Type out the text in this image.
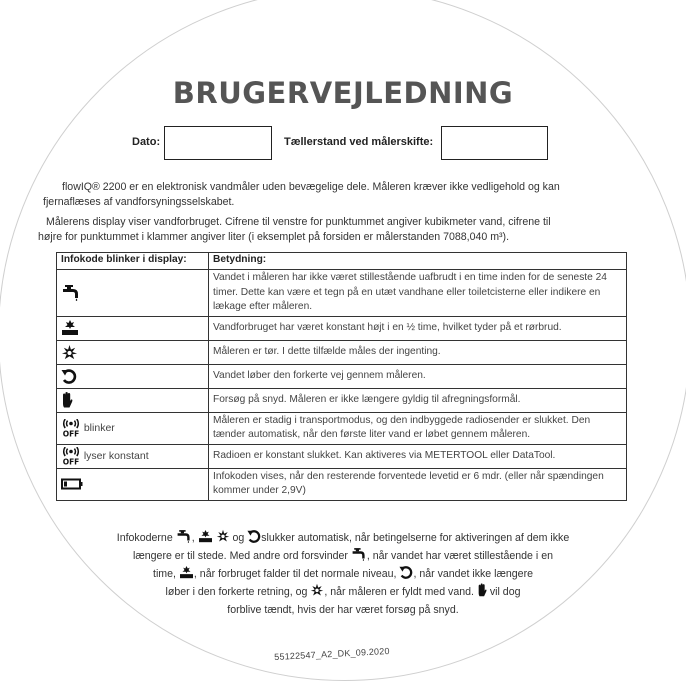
BRUGERVEJLEDNING
Dato:	Tællerstand ved målerskifte:
flowIQ® 2200 er en elektronisk vandmåler uden bevægelige dele. Måleren kræver ikke vedligehold og kan
fjernaflæses af vandforsyningsselskabet.
Målerens display viser vandforbruget. Cifrene til venstre for punktummet angiver kubikmeter vand, cifrene til
højre for punktummet i klammer angiver liter (i eksemplet på forsiden er målerstanden 7088,040 m³).
Infokode blinker i display:	Betydning:
	Vandet i måleren har ikke været stillestående uafbrudt i en time inden for de seneste 24 timer. Dette kan være et tegn på en utæt vandhane eller toiletcisterne eller indikere en lækage efter måleren.
	Vandforbruget har været konstant højt i en ½ time, hvilket tyder på et rørbrud.
	Måleren er tør. I dette tilfælde måles der ingenting.
	Vandet løber den forkerte vej gennem måleren.
	Forsøg på snyd. Måleren er ikke længere gyldig til afregningsformål.
blinker	Måleren er stadig i transportmodus, og den indbyggede radiosender er slukket. Den tænder automatisk, når den første liter vand er løbet gennem måleren.
lyser konstant	Radioen er konstant slukket. Kan aktiveres via METERTOOL eller DataTool.
	Infokoden vises, når den resterende forventede levetid er 6 mdr. (eller når spændingen kommer under 2,9V)
Infokoderne ,	og slukker automatisk, når betingelserne for aktiveringen af dem ikke
længere er til stede. Med andre ord forsvinder , når vandet har været stillestående i en
time, , når forbruget falder til det normale niveau, , når vandet ikke længere
løber i den forkerte retning, og , når måleren er fyldt med vand. vil dog
forblive tændt, hvis der har været forsøg på snyd.
55122547_A2_DK_09.2020
